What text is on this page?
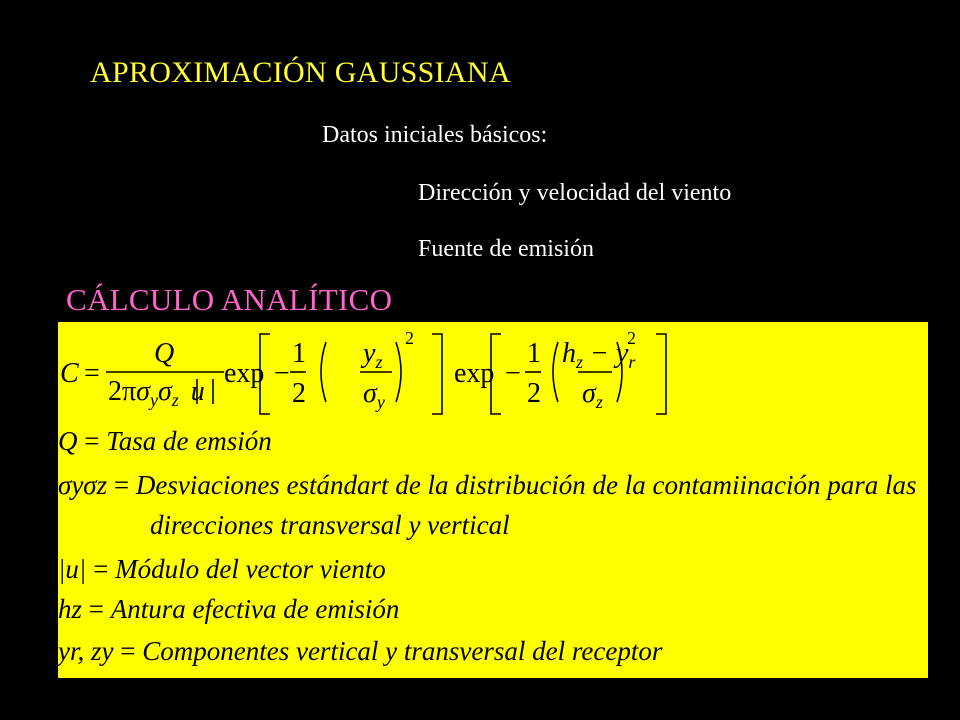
APROXIMACIÓN GAUSSIANA
Datos iniciales básicos:
Dirección y velocidad del viento
Fuente de emisión
CÁLCULO ANALÍTICO
C =
Q
$2\pi\sigma_y\sigma_z$ u
exp −
1
2
$y_z$
$\sigma_y$
2
exp −
1
2
$h_z - y_r$
$\sigma_z$
2
Q = Tasa de emsión
σyσz = Desviaciones estándart de la distribución de la contamiinación para las
direcciones transversal y vertical
|u| = Módulo del vector viento
hz = Antura efectiva de emisión
yr, zy = Componentes vertical y transversal del receptor
